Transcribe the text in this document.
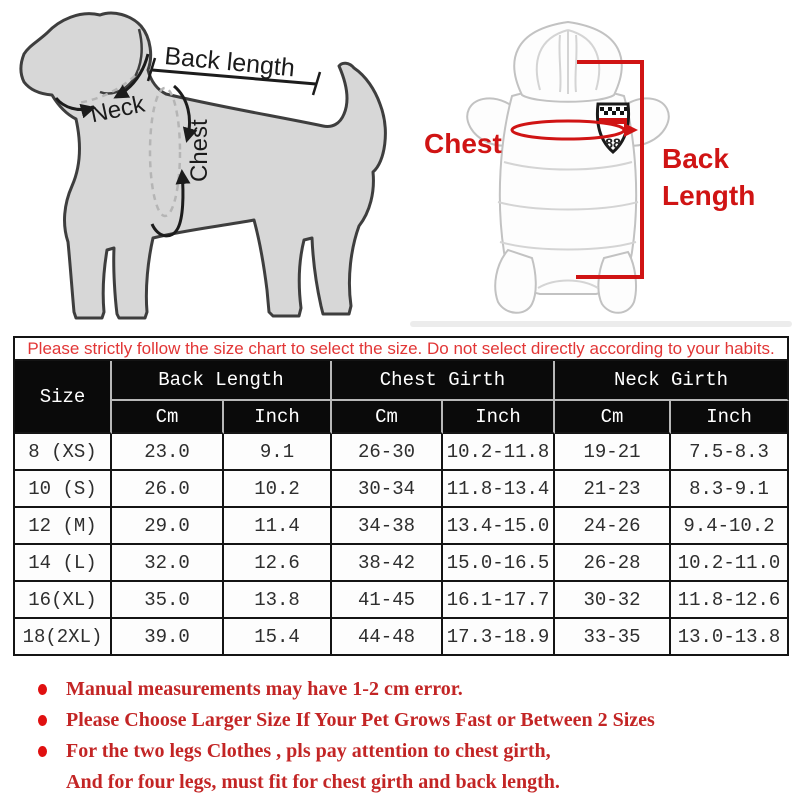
Back length
Neck
Chest	88
Chest	Back
Length
Please strictly follow the size chart to select the size. Do not select directly according to your habits.						
Size	Back Length		Chest Girth		Neck Girth	
	Cm	Inch	Cm	Inch	Cm	Inch
8 (XS)	23.0	9.1	26-30	10.2-11.8	19-21	7.5-8.3
10 (S)	26.0	10.2	30-34	11.8-13.4	21-23	8.3-9.1
12 (M)	29.0	11.4	34-38	13.4-15.0	24-26	9.4-10.2
14 (L)	32.0	12.6	38-42	15.0-16.5	26-28	10.2-11.0
16(XL)	35.0	13.8	41-45	16.1-17.7	30-32	11.8-12.6
18(2XL)	39.0	15.4	44-48	17.3-18.9	33-35	13.0-13.8
Manual measurements may have 1-2 cm error.
Please Choose Larger Size If Your Pet Grows Fast or Between 2 Sizes
For the two legs Clothes , pls pay attention to chest girth,
And for four legs, must fit for chest girth and back length.
